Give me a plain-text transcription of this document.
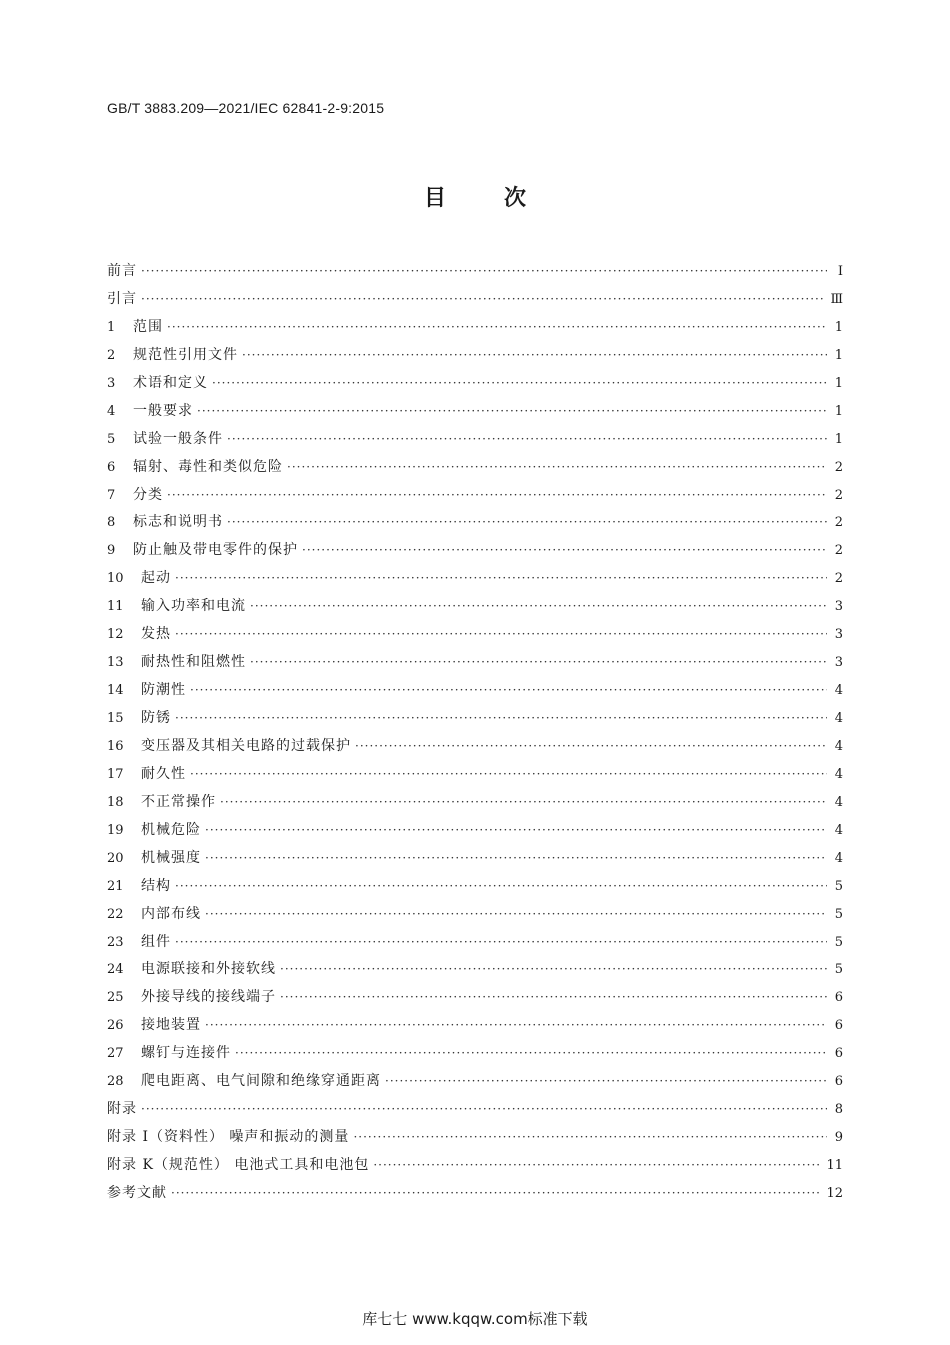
GB/T 3883.209—2021/IEC 62841-2-9:2015
目	次
前言 ·····	Ⅰ
引言 ·····	Ⅲ
1	范围 ·····	1
2	规范性引用文件 ·····	1
3	术语和定义 ·····	1
4	一般要求 ·····	1
5	试验一般条件 ·····	1
6	辐射、毒性和类似危险 ·····	2
7	分类 ·····	2
8	标志和说明书 ·····	2
9	防止触及带电零件的保护 ·····	2
10	起动 ·····	2
11	输入功率和电流 ·····	3
12	发热 ·····	3
13	耐热性和阻燃性 ·····	3
14	防潮性 ·····	4
15	防锈 ·····	4
16	变压器及其相关电路的过载保护 ·····	4
17	耐久性 ·····	4
18	不正常操作 ·····	4
19	机械危险 ·····	4
20	机械强度 ·····	4
21	结构 ·····	5
22	内部布线 ·····	5
23	组件 ·····	5
24	电源联接和外接软线 ·····	5
25	外接导线的接线端子 ·····	6
26	接地装置 ·····	6
27	螺钉与连接件 ·····	6
28	爬电距离、电气间隙和绝缘穿通距离 ·····	6
附录 ·····	8
附录 I（资料性） 噪声和振动的测量 ·····	9
附录 K（规范性） 电池式工具和电池包 ·····	11
参考文献 ·····	12
库七七 www.kqqw.com标准下载
